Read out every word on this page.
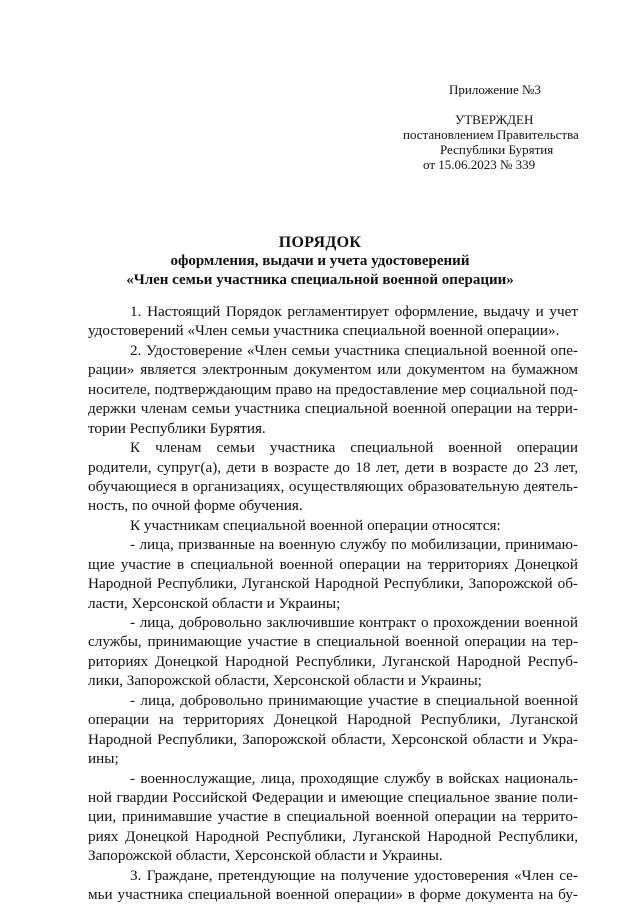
Приложение №3
УТВЕРЖДЕН
постановлением Правительства
Республики Бурятия
от 15.06.2023 № 339
ПОРЯДОК
оформления, выдачи и учета удостоверений
«Член семьи участника специальной военной операции»
1. Настоящий Порядок регламентирует оформление, выдачу и учет
удостоверений «Член семьи участника специальной военной операции».
2. Удостоверение «Член семьи участника специальной военной опе-
рации» является электронным документом или документом на бумажном
носителе, подтверждающим право на предоставление мер социальной под-
держки членам семьи участника специальной военной операции на терри-
тории Республики Бурятия.
К членам семьи участника специальной военной операции
родители, супруг(а), дети в возрасте до 18 лет, дети в возрасте до 23 лет,
обучающиеся в организациях, осуществляющих образовательную деятель-
ность, по очной форме обучения.
К участникам специальной военной операции относятся:
- лица, призванные на военную службу по мобилизации, принимаю-
щие участие в специальной военной операции на территориях Донецкой
Народной Республики, Луганской Народной Республики, Запорожской об-
ласти, Херсонской области и Украины;
- лица, добровольно заключившие контракт о прохождении военной
службы, принимающие участие в специальной военной операции на тер-
риториях Донецкой Народной Республики, Луганской Народной Респуб-
лики, Запорожской области, Херсонской области и Украины;
- лица, добровольно принимающие участие в специальной военной
операции на территориях Донецкой Народной Республики, Луганской
Народной Республики, Запорожской области, Херсонской области и Укра-
ины;
- военнослужащие, лица, проходящие службу в войсках националь-
ной гвардии Российской Федерации и имеющие специальное звание поли-
ции, принимавшие участие в специальной военной операции на террито-
риях Донецкой Народной Республики, Луганской Народной Республики,
Запорожской области, Херсонской области и Украины.
3. Граждане, претендующие на получение удостоверения «Член се-
мьи участника специальной военной операции» в форме документа на бу-
